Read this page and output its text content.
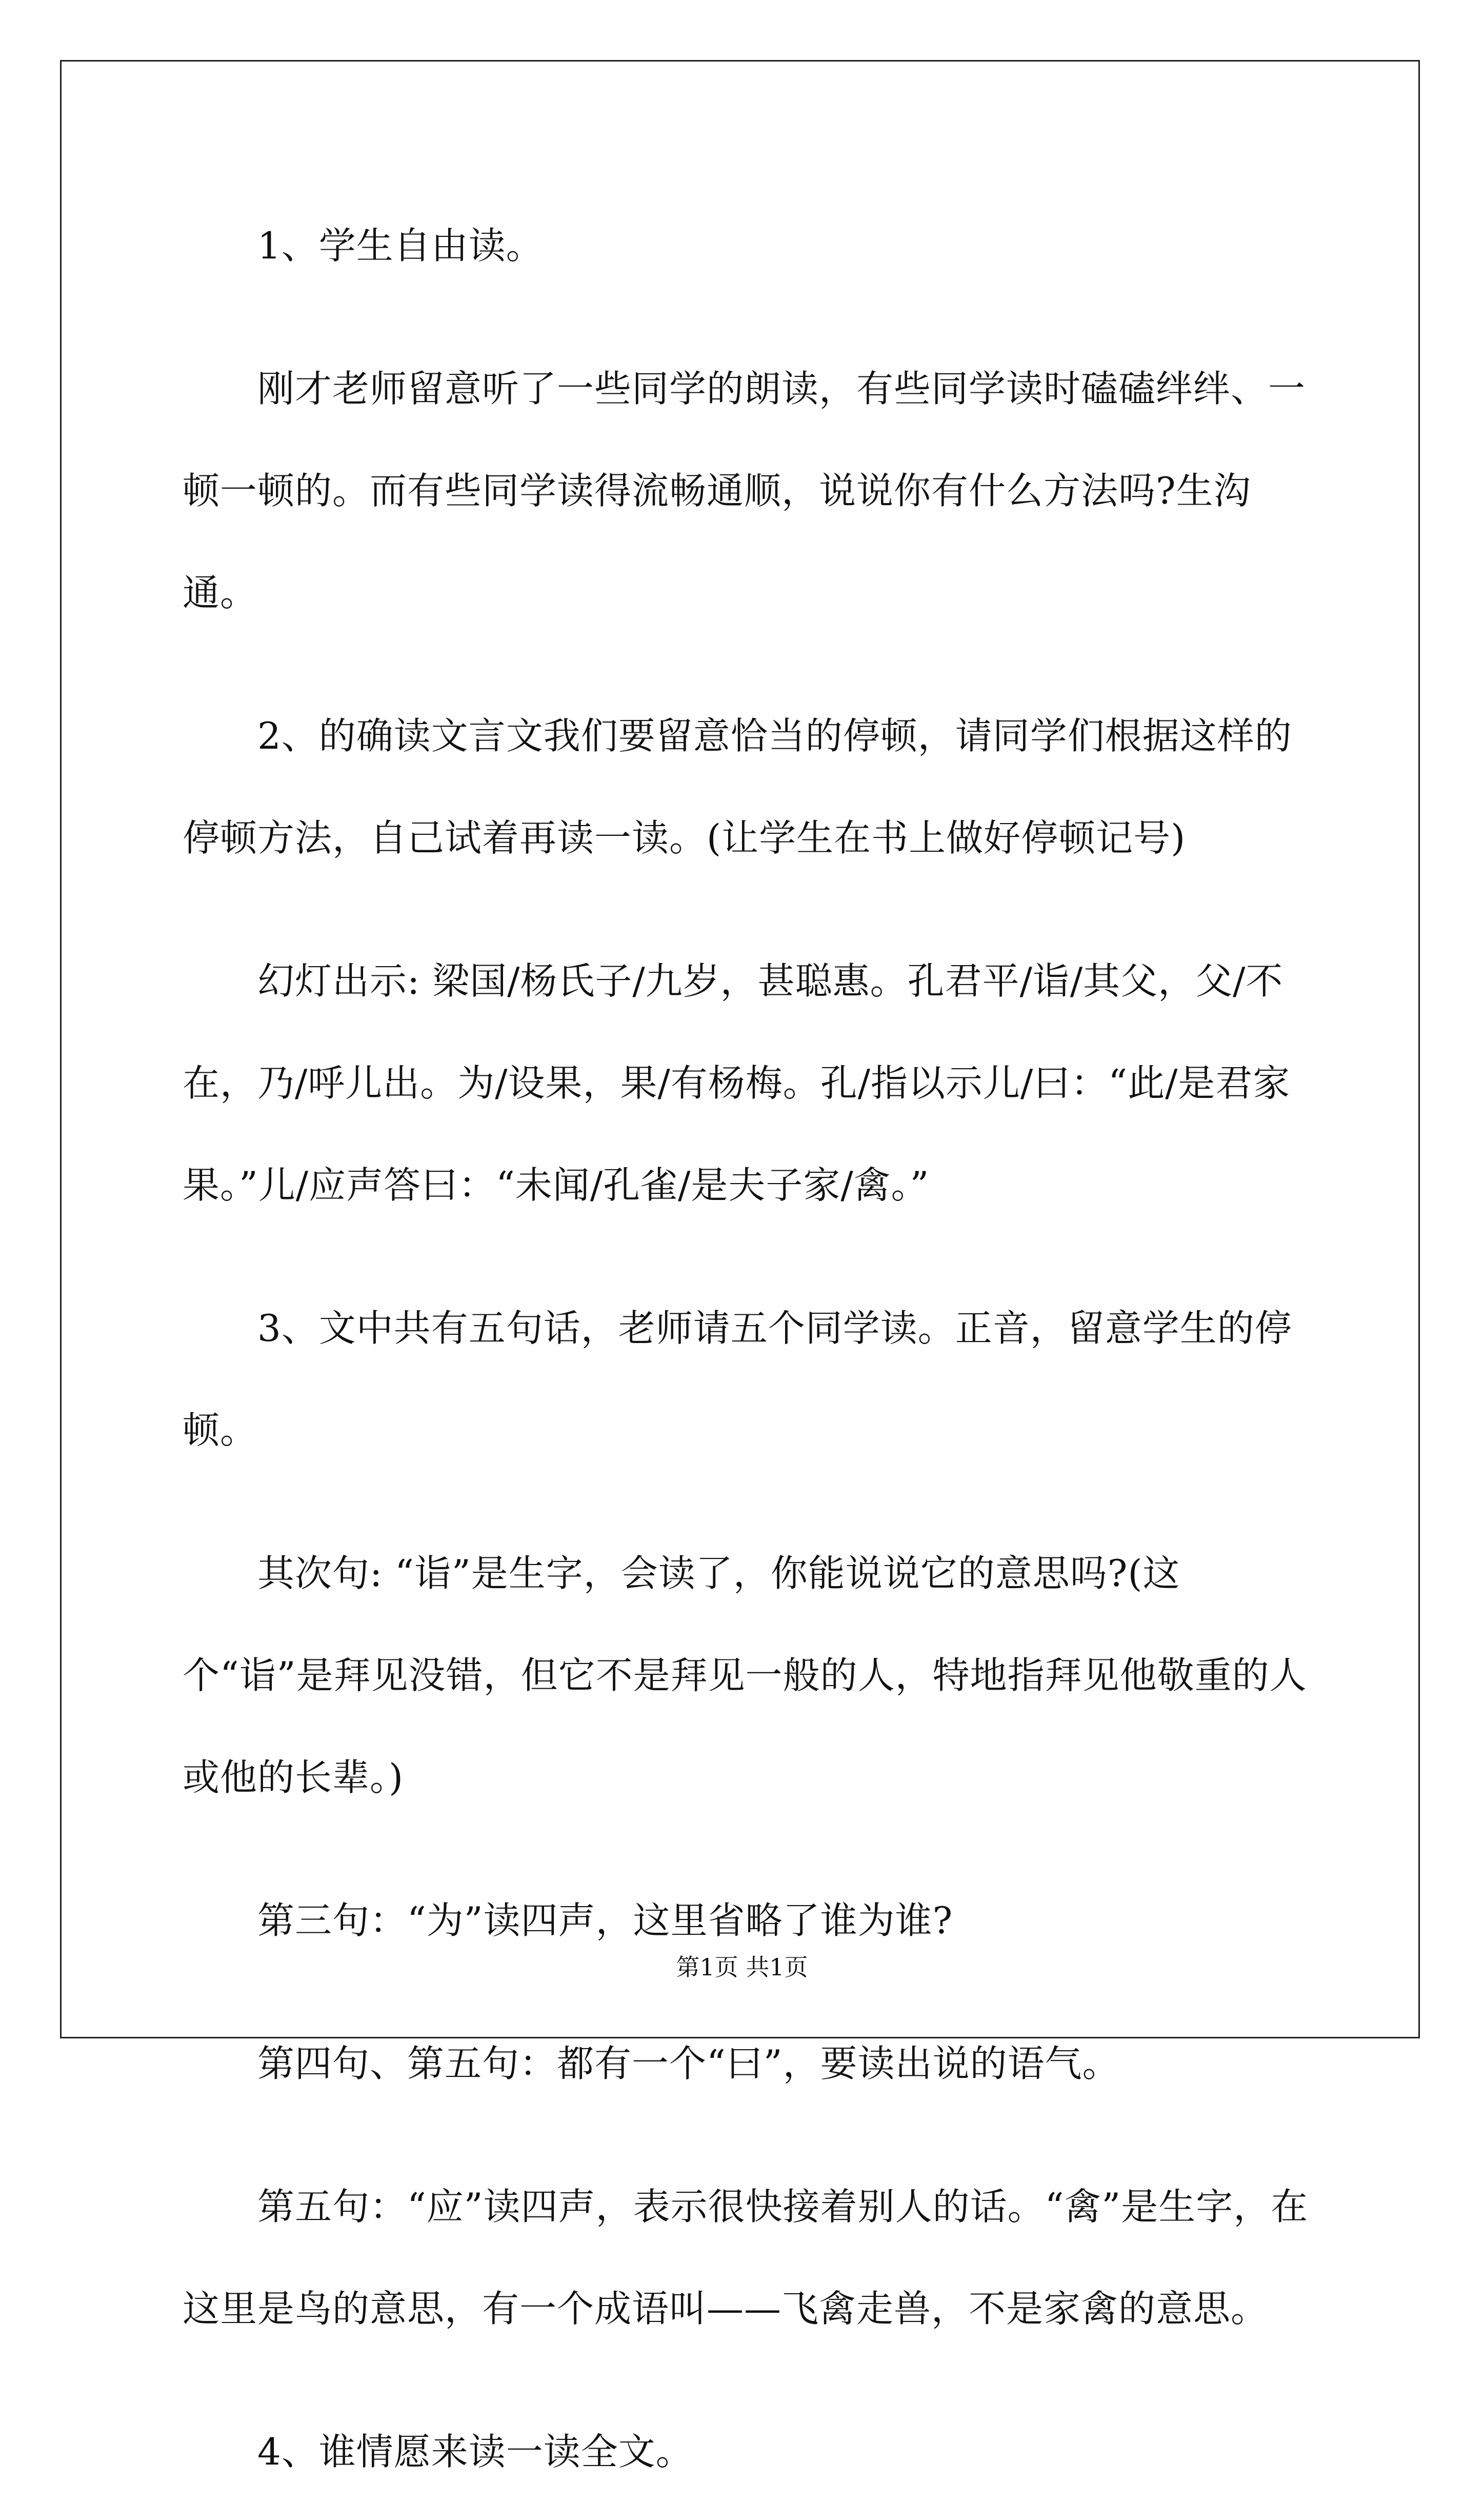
1、学生自由读。

刚才老师留意听了一些同学的朗读，有些同学读时磕磕绊绊、一顿一顿的。而有些同学读得流畅通顺，说说你有什么方法吗?生沟通。

2、的确读文言文我们要留意恰当的停顿，请同学们根据这样的停顿方法，自己试着再读一读。(让学生在书上做好停顿记号)

幻灯出示: 梁国/杨氏子/九岁，甚聪惠。孔君平/诣/其父，父/不在，乃/呼儿出。为/设果，果/有杨梅。孔/指以示儿/曰：“此/是君家果。”儿/应声答曰：“未闻/孔雀/是夫子家/禽。”

3、文中共有五句话，老师请五个同学读。正音，留意学生的停顿。

其次句: “诣”是生字，会读了，你能说说它的意思吗?(这个“诣”是拜见没错，但它不是拜见一般的人，特地指拜见他敬重的人或他的长辈。)

第三句：“为”读四声，这里省略了谁为谁?

第四句、第五句：都有一个“曰”，要读出说的语气。

第五句：“应”读四声，表示很快接着别人的话。“禽”是生字，在这里是鸟的意思，有一个成语叫——飞禽走兽，不是家禽的意思。

4、谁情愿来读一读全文。

第1页 共1页
